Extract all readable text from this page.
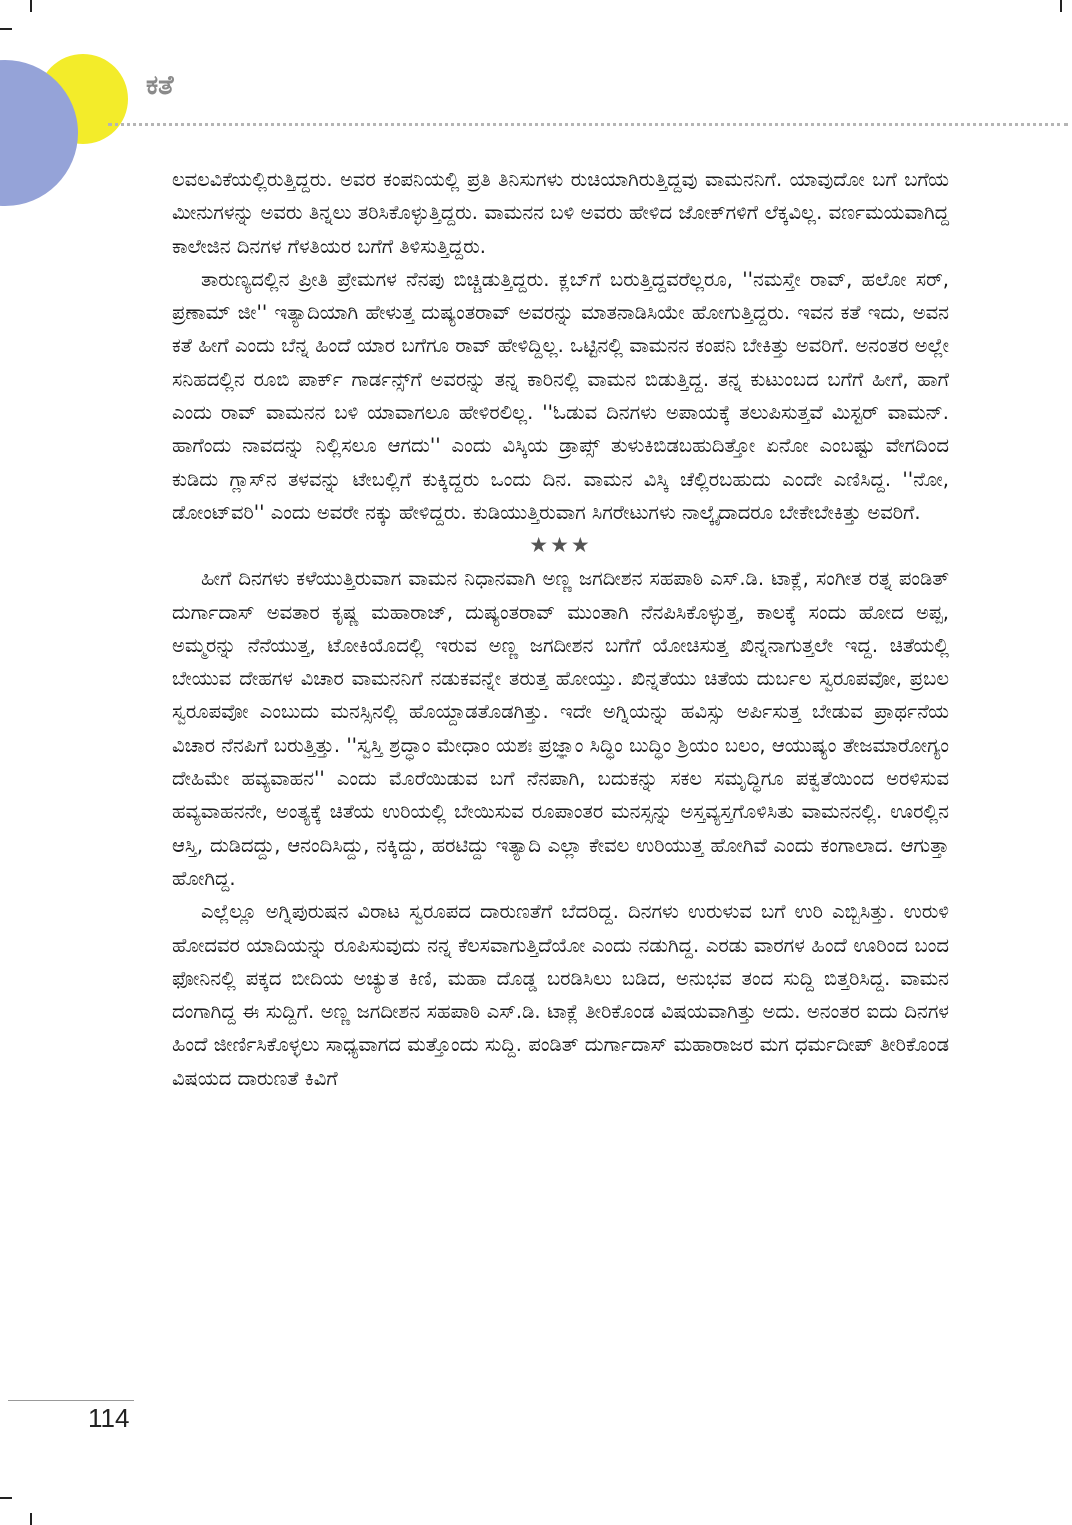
ಕತೆ

ಲವಲವಿಕೆಯಲ್ಲಿರುತ್ತಿದ್ದರು. ಅವರ ಕಂಪನಿಯಲ್ಲಿ ಪ್ರತಿ ತಿನಿಸುಗಳು ರುಚಿಯಾಗಿರುತ್ತಿದ್ದವು ವಾಮನನಿಗೆ. ಯಾವುದೋ ಬಗೆ ಬಗೆಯ ಮೀನುಗಳನ್ನು ಅವರು ತಿನ್ನಲು ತರಿಸಿಕೊಳ್ಳುತ್ತಿದ್ದರು. ವಾಮನನ ಬಳಿ ಅವರು ಹೇಳಿದ ಜೋಕ್‌ಗಳಿಗೆ ಲೆಕ್ಕವಿಲ್ಲ. ವರ್ಣಮಯವಾಗಿದ್ದ ಕಾಲೇಜಿನ ದಿನಗಳ ಗೆಳತಿಯರ ಬಗೆಗೆ ತಿಳಿಸುತ್ತಿದ್ದರು.

ತಾರುಣ್ಯದಲ್ಲಿನ ಪ್ರೀತಿ ಪ್ರೇಮಗಳ ನೆನಪು ಬಿಚ್ಚಿಡುತ್ತಿದ್ದರು. ಕ್ಲಬ್‌ಗೆ ಬರುತ್ತಿದ್ದವರೆಲ್ಲರೂ, ''ನಮಸ್ತೇ ರಾವ್, ಹಲೋ ಸರ್, ಪ್ರಣಾಮ್ ಜೀ'' ಇತ್ಯಾದಿಯಾಗಿ ಹೇಳುತ್ತ ದುಷ್ಯಂತರಾವ್ ಅವರನ್ನು ಮಾತನಾಡಿಸಿಯೇ ಹೋಗುತ್ತಿದ್ದರು. ಇವನ ಕತೆ ಇದು, ಅವನ ಕತೆ ಹೀಗೆ ಎಂದು ಬೆನ್ನ ಹಿಂದೆ ಯಾರ ಬಗೆಗೂ ರಾವ್ ಹೇಳಿದ್ದಿಲ್ಲ. ಒಟ್ಟಿನಲ್ಲಿ ವಾಮನನ ಕಂಪನಿ ಬೇಕಿತ್ತು ಅವರಿಗೆ. ಅನಂತರ ಅಲ್ಲೇ ಸನಿಹದಲ್ಲಿನ ರೂಬಿ ಪಾರ್ಕ್ ಗಾರ್ಡನ್ಸ್‌ಗೆ ಅವರನ್ನು ತನ್ನ ಕಾರಿನಲ್ಲಿ ವಾಮನ ಬಿಡುತ್ತಿದ್ದ. ತನ್ನ ಕುಟುಂಬದ ಬಗೆಗೆ ಹೀಗೆ, ಹಾಗೆ ಎಂದು ರಾವ್ ವಾಮನನ ಬಳಿ ಯಾವಾಗಲೂ ಹೇಳಿರಲಿಲ್ಲ. ''ಓಡುವ ದಿನಗಳು ಅಪಾಯಕ್ಕೆ ತಲುಪಿಸುತ್ತವೆ ಮಿಸ್ಟರ್ ವಾಮನ್. ಹಾಗೆಂದು ನಾವದನ್ನು ನಿಲ್ಲಿಸಲೂ ಆಗದು'' ಎಂದು ವಿಸ್ಕಿಯ ಡ್ರಾಪ್ಸ್ ತುಳುಕಿಬಿಡಬಹುದಿತ್ತೋ ಏನೋ ಎಂಬಷ್ಟು ವೇಗದಿಂದ ಕುಡಿದು ಗ್ಲಾಸ್‌ನ ತಳವನ್ನು ಟೇಬಲ್ಲಿಗೆ ಕುಕ್ಕಿದ್ದರು ಒಂದು ದಿನ. ವಾಮನ ವಿಸ್ಕಿ ಚೆಲ್ಲಿರಬಹುದು ಎಂದೇ ಎಣಿಸಿದ್ದ. ''ನೋ, ಡೋಂಟ್‌ವರಿ'' ಎಂದು ಅವರೇ ನಕ್ಕು ಹೇಳಿದ್ದರು. ಕುಡಿಯುತ್ತಿರುವಾಗ ಸಿಗರೇಟುಗಳು ನಾಲ್ಕೈದಾದರೂ ಬೇಕೇಬೇಕಿತ್ತು ಅವರಿಗೆ.

★★★

ಹೀಗೆ ದಿನಗಳು ಕಳೆಯುತ್ತಿರುವಾಗ ವಾಮನ ನಿಧಾನವಾಗಿ ಅಣ್ಣ ಜಗದೀಶನ ಸಹಪಾಠಿ ಎಸ್.ಡಿ. ಟಾಕ್ಲೆ, ಸಂಗೀತ ರತ್ನ ಪಂಡಿತ್ ದುರ್ಗಾದಾಸ್ ಅವತಾರ ಕೃಷ್ಣ ಮಹಾರಾಜ್, ದುಷ್ಯಂತರಾವ್ ಮುಂತಾಗಿ ನೆನಪಿಸಿಕೊಳ್ಳುತ್ತ, ಕಾಲಕ್ಕೆ ಸಂದು ಹೋದ ಅಪ್ಪ, ಅಮ್ಮರನ್ನು ನೆನೆಯುತ್ತ, ಟೋಕಿಯೊದಲ್ಲಿ ಇರುವ ಅಣ್ಣ ಜಗದೀಶನ ಬಗೆಗೆ ಯೋಚಿಸುತ್ತ ಖಿನ್ನನಾಗುತ್ತಲೇ ಇದ್ದ. ಚಿತೆಯಲ್ಲಿ ಬೇಯುವ ದೇಹಗಳ ವಿಚಾರ ವಾಮನನಿಗೆ ನಡುಕವನ್ನೇ ತರುತ್ತ ಹೋಯ್ತು. ಖಿನ್ನತೆಯು ಚಿತೆಯ ದುರ್ಬಲ ಸ್ವರೂಪವೋ, ಪ್ರಬಲ ಸ್ವರೂಪವೋ ಎಂಬುದು ಮನಸ್ಸಿನಲ್ಲಿ ಹೊಯ್ದಾಡತೊಡಗಿತ್ತು. ಇದೇ ಅಗ್ನಿಯನ್ನು ಹವಿಸ್ಸು ಅರ್ಪಿಸುತ್ತ ಬೇಡುವ ಪ್ರಾರ್ಥನೆಯ ವಿಚಾರ ನೆನಪಿಗೆ ಬರುತ್ತಿತ್ತು. ''ಸ್ವಸ್ತಿ ಶ್ರದ್ಧಾಂ ಮೇಧಾಂ ಯಶಃ ಪ್ರಜ್ಞಾಂ ಸಿದ್ಧಿಂ ಬುದ್ಧಿಂ ಶ್ರಿಯಂ ಬಲಂ, ಆಯುಷ್ಯಂ ತೇಜಮಾರೋಗ್ಯಂ ದೇಹಿಮೇ ಹವ್ಯವಾಹನ'' ಎಂದು ಮೊರೆಯಿಡುವ ಬಗೆ ನೆನಪಾಗಿ, ಬದುಕನ್ನು ಸಕಲ ಸಮೃದ್ಧಿಗೂ ಪಕ್ವತೆಯಿಂದ ಅರಳಿಸುವ ಹವ್ಯವಾಹನನೇ, ಅಂತ್ಯಕ್ಕೆ ಚಿತೆಯ ಉರಿಯಲ್ಲಿ ಬೇಯಿಸುವ ರೂಪಾಂತರ ಮನಸ್ಸನ್ನು ಅಸ್ತವ್ಯಸ್ತಗೊಳಿಸಿತು ವಾಮನನಲ್ಲಿ. ಊರಲ್ಲಿನ ಆಸ್ತಿ, ದುಡಿದದ್ದು, ಆನಂದಿಸಿದ್ದು, ನಕ್ಕಿದ್ದು, ಹರಟಿದ್ದು ಇತ್ಯಾದಿ ಎಲ್ಲಾ ಕೇವಲ ಉರಿಯುತ್ತ ಹೋಗಿವೆ ಎಂದು ಕಂಗಾಲಾದ. ಆಗುತ್ತಾ ಹೋಗಿದ್ದ.

ಎಲ್ಲೆಲ್ಲೂ ಅಗ್ನಿಪುರುಷನ ವಿರಾಟ ಸ್ವರೂಪದ ದಾರುಣತೆಗೆ ಬೆದರಿದ್ದ. ದಿನಗಳು ಉರುಳುವ ಬಗೆ ಉರಿ ಎಬ್ಬಿಸಿತ್ತು. ಉರುಳಿ ಹೋದವರ ಯಾದಿಯನ್ನು ರೂಪಿಸುವುದು ನನ್ನ ಕೆಲಸವಾಗುತ್ತಿದೆಯೋ ಎಂದು ನಡುಗಿದ್ದ. ಎರಡು ವಾರಗಳ ಹಿಂದೆ ಊರಿಂದ ಬಂದ ಫೋನಿನಲ್ಲಿ ಪಕ್ಕದ ಬೀದಿಯ ಅಚ್ಯುತ ಕಿಣಿ, ಮಹಾ ದೊಡ್ಡ ಬರಡಿಸಿಲು ಬಡಿದ, ಅನುಭವ ತಂದ ಸುದ್ದಿ ಬಿತ್ತರಿಸಿದ್ದ. ವಾಮನ ದಂಗಾಗಿದ್ದ ಈ ಸುದ್ದಿಗೆ. ಅಣ್ಣ ಜಗದೀಶನ ಸಹಪಾಠಿ ಎಸ್.ಡಿ. ಟಾಕ್ಲೆ ತೀರಿಕೊಂಡ ವಿಷಯವಾಗಿತ್ತು ಅದು. ಅನಂತರ ಐದು ದಿನಗಳ ಹಿಂದೆ ಜೀರ್ಣಿಸಿಕೊಳ್ಳಲು ಸಾಧ್ಯವಾಗದ ಮತ್ತೊಂದು ಸುದ್ದಿ. ಪಂಡಿತ್ ದುರ್ಗಾದಾಸ್ ಮಹಾರಾಜರ ಮಗ ಧರ್ಮದೀಪ್ ತೀರಿಕೊಂಡ ವಿಷಯದ ದಾರುಣತೆ ಕಿವಿಗೆ

114
